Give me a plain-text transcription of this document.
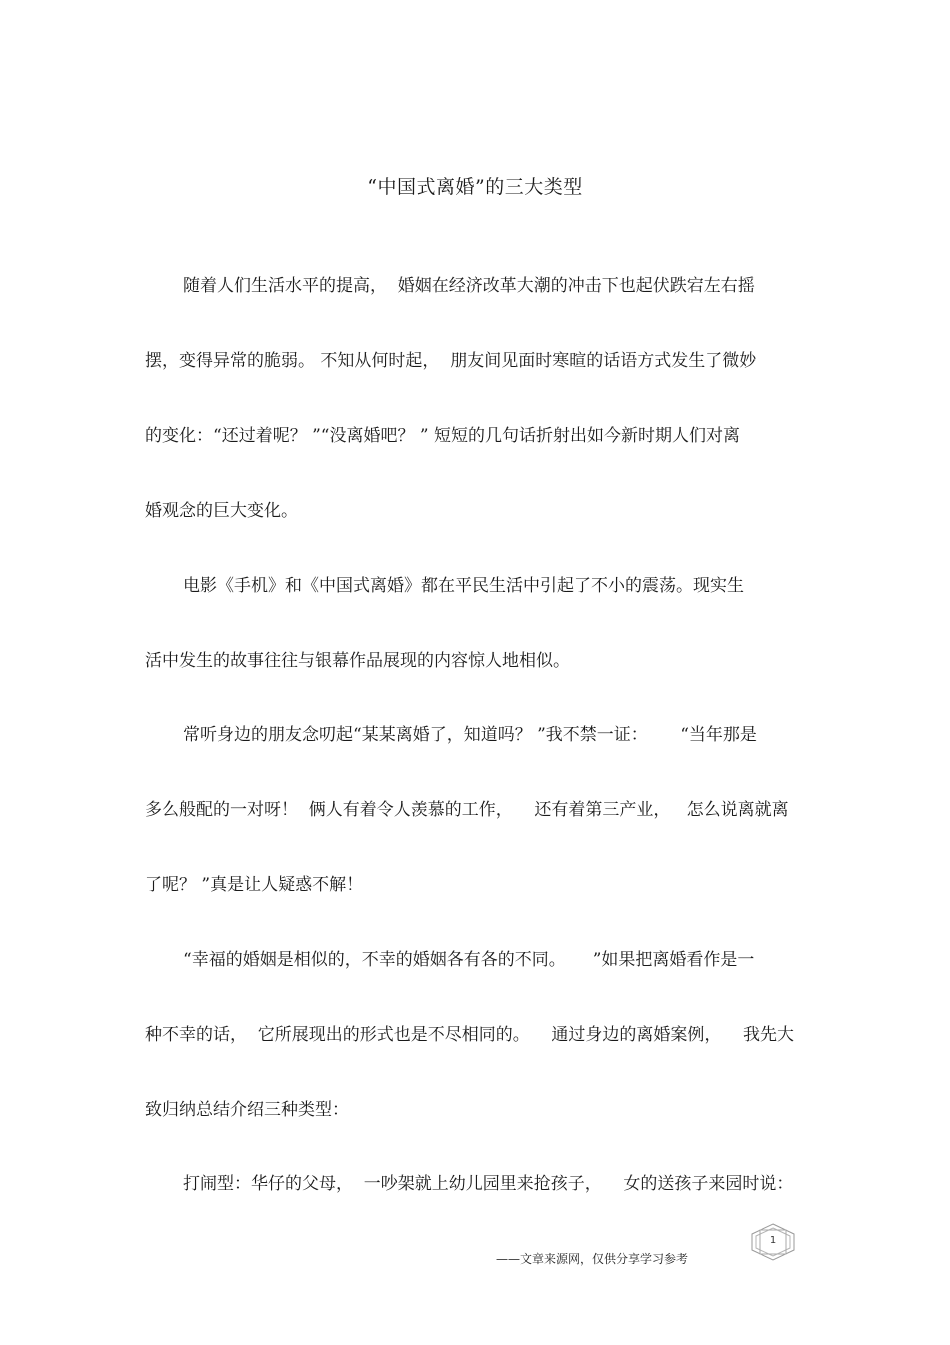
“中国式离婚”的三大类型
随着人们生活水平的提高，  婚姻在经济改革大潮的冲击下也起伏跌宕左右摇
摆，变得异常的脆弱。 不知从何时起，  朋友间见面时寒暄的话语方式发生了微妙
的变化：“还过着呢？ ”“没离婚吧？ ” 短短的几句话折射出如今新时期人们对离
婚观念的巨大变化。
电影《手机》和《中国式离婚》都在平民生活中引起了不小的震荡。现实生
活中发生的故事往往与银幕作品展现的内容惊人地相似。
常听身边的朋友念叨起“某某离婚了，知道吗？ ”我不禁一证：      “当年那是
多么般配的一对呀！  俩人有着令人羡慕的工作，    还有着第三产业，   怎么说离就离
了呢？ ”真是让人疑惑不解！
“幸福的婚姻是相似的，不幸的婚姻各有各的不同。     ”如果把离婚看作是一
种不幸的话，  它所展现出的形式也是不尽相同的。    通过身边的离婚案例，    我先大
致归纳总结介绍三种类型：
打闹型：华仔的父母，  一吵架就上幼儿园里来抢孩子，    女的送孩子来园时说：
1
——文章来源网，仅供分享学习参考
